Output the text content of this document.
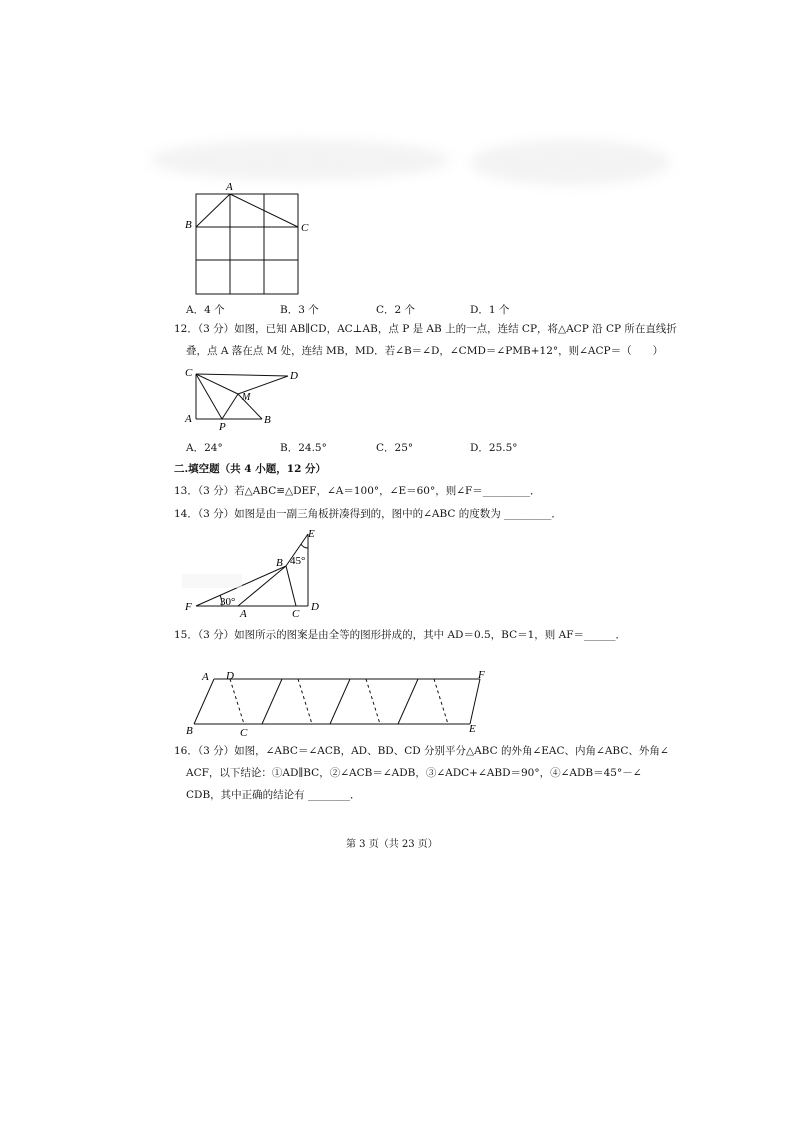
A
B	C
A．4 个	B．3 个	C．2 个	D．1 个
12．（3 分）如图，已知 AB∥CD，AC⊥AB，点 P 是 AB 上的一点，连结 CP，将△ACP 沿 CP 所在直线折
叠，点 A 落在点 M 处，连结 MB，MD．若∠B＝∠D，∠CMD＝∠PMB+12°，则∠ACP＝（　　）
C	D
M
A
P
B
A．24°	B．24.5°	C．25°	D．25.5°
二.填空题（共 4 小题，12 分）
13．（3 分）若△ABC≌△DEF，∠A＝100°，∠E＝60°，则∠F＝_________．
14．（3 分）如图是由一副三角板拼凑得到的，图中的∠ABC 的度数为 _________．
E
B 45°
F	30°
A	C
D
15．（3 分）如图所示的图案是由全等的图形拼成的，其中 AD＝0.5，BC＝1，则 AF＝______．
A D	F
B	C	E
16．（3 分）如图，∠ABC＝∠ACB，AD、BD、CD 分别平分△ABC 的外角∠EAC、内角∠ABC、外角∠
ACF，以下结论：①AD∥BC，②∠ACB＝∠ADB，③∠ADC+∠ABD＝90°，④∠ADB＝45°－∠
CDB，其中正确的结论有 ________．
第 3 页（共 23 页）
